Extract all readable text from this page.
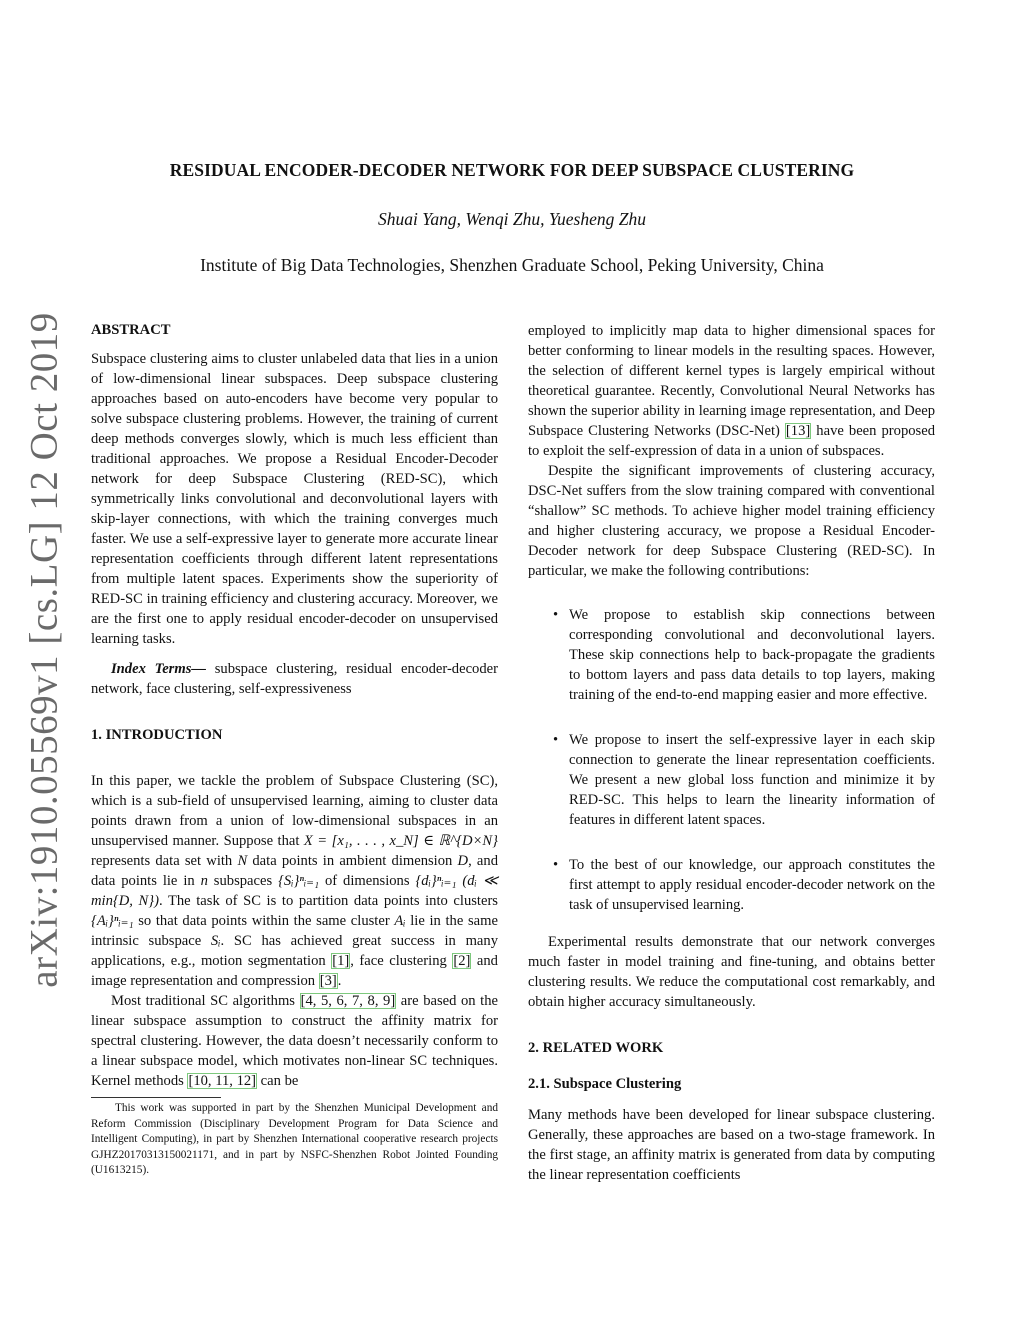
arXiv:1910.05569v1 [cs.LG] 12 Oct 2019
RESIDUAL ENCODER-DECODER NETWORK FOR DEEP SUBSPACE CLUSTERING
Shuai Yang, Wenqi Zhu, Yuesheng Zhu
Institute of Big Data Technologies, Shenzhen Graduate School, Peking University, China

ABSTRACT

Subspace clustering aims to cluster unlabeled data that lies in a union of low-dimensional linear subspaces. Deep subspace clustering approaches based on auto-encoders have become very popular to solve subspace clustering problems. However, the training of current deep methods converges slowly, which is much less efficient than traditional approaches. We propose a Residual Encoder-Decoder network for deep Subspace Clustering (RED-SC), which symmetrically links convolutional and deconvolutional layers with skip-layer connections, with which the training converges much faster. We use a self-expressive layer to generate more accurate linear representation coefficients through different latent representations from multiple latent spaces. Experiments show the superiority of RED-SC in training efficiency and clustering accuracy. Moreover, we are the first one to apply residual encoder-decoder on unsupervised learning tasks.

Index Terms— subspace clustering, residual encoder-decoder network, face clustering, self-expressiveness

1. INTRODUCTION

In this paper, we tackle the problem of Subspace Clustering (SC), which is a sub-field of unsupervised learning, aiming to cluster data points drawn from a union of low-dimensional subspaces in an unsupervised manner. Suppose that X = [x₁, . . . , x_N] ∈ ℝ^{D×N} represents data set with N data points in ambient dimension D, and data points lie in n subspaces {Sᵢ}ⁿᵢ₌₁ of dimensions {dᵢ}ⁿᵢ₌₁ (dᵢ ≪ min{D, N}). The task of SC is to partition data points into clusters {Aᵢ}ⁿᵢ₌₁ so that data points within the same cluster Aᵢ lie in the same intrinsic subspace Sᵢ. SC has achieved great success in many applications, e.g., motion segmentation [1], face clustering [2] and image representation and compression [3].

Most traditional SC algorithms [4, 5, 6, 7, 8, 9] are based on the linear subspace assumption to construct the affinity matrix for spectral clustering. However, the data doesn’t necessarily conform to a linear subspace model, which motivates non-linear SC techniques. Kernel methods [10, 11, 12] can be

This work was supported in part by the Shenzhen Municipal Development and Reform Commission (Disciplinary Development Program for Data Science and Intelligent Computing), in part by Shenzhen International cooperative research projects GJHZ20170313150021171, and in part by NSFC-Shenzhen Robot Jointed Founding (U1613215).

employed to implicitly map data to higher dimensional spaces for better conforming to linear models in the resulting spaces. However, the selection of different kernel types is largely empirical without theoretical guarantee. Recently, Convolutional Neural Networks has shown the superior ability in learning image representation, and Deep Subspace Clustering Networks (DSC-Net) [13] have been proposed to exploit the self-expression of data in a union of subspaces.

Despite the significant improvements of clustering accuracy, DSC-Net suffers from the slow training compared with conventional “shallow” SC methods. To achieve higher model training efficiency and higher clustering accuracy, we propose a Residual Encoder-Decoder network for deep Subspace Clustering (RED-SC). In particular, we make the following contributions:

• We propose to establish skip connections between corresponding convolutional and deconvolutional layers. These skip connections help to back-propagate the gradients to bottom layers and pass data details to top layers, making training of the end-to-end mapping easier and more effective.
• We propose to insert the self-expressive layer in each skip connection to generate the linear representation coefficients. We present a new global loss function and minimize it by RED-SC. This helps to learn the linearity information of features in different latent spaces.
• To the best of our knowledge, our approach constitutes the first attempt to apply residual encoder-decoder network on the task of unsupervised learning.

Experimental results demonstrate that our network converges much faster in model training and fine-tuning, and obtains better clustering results. We reduce the computational cost remarkably, and obtain higher accuracy simultaneously.

2. RELATED WORK

2.1. Subspace Clustering

Many methods have been developed for linear subspace clustering. Generally, these approaches are based on a two-stage framework. In the first stage, an affinity matrix is generated from data by computing the linear representation coefficients
